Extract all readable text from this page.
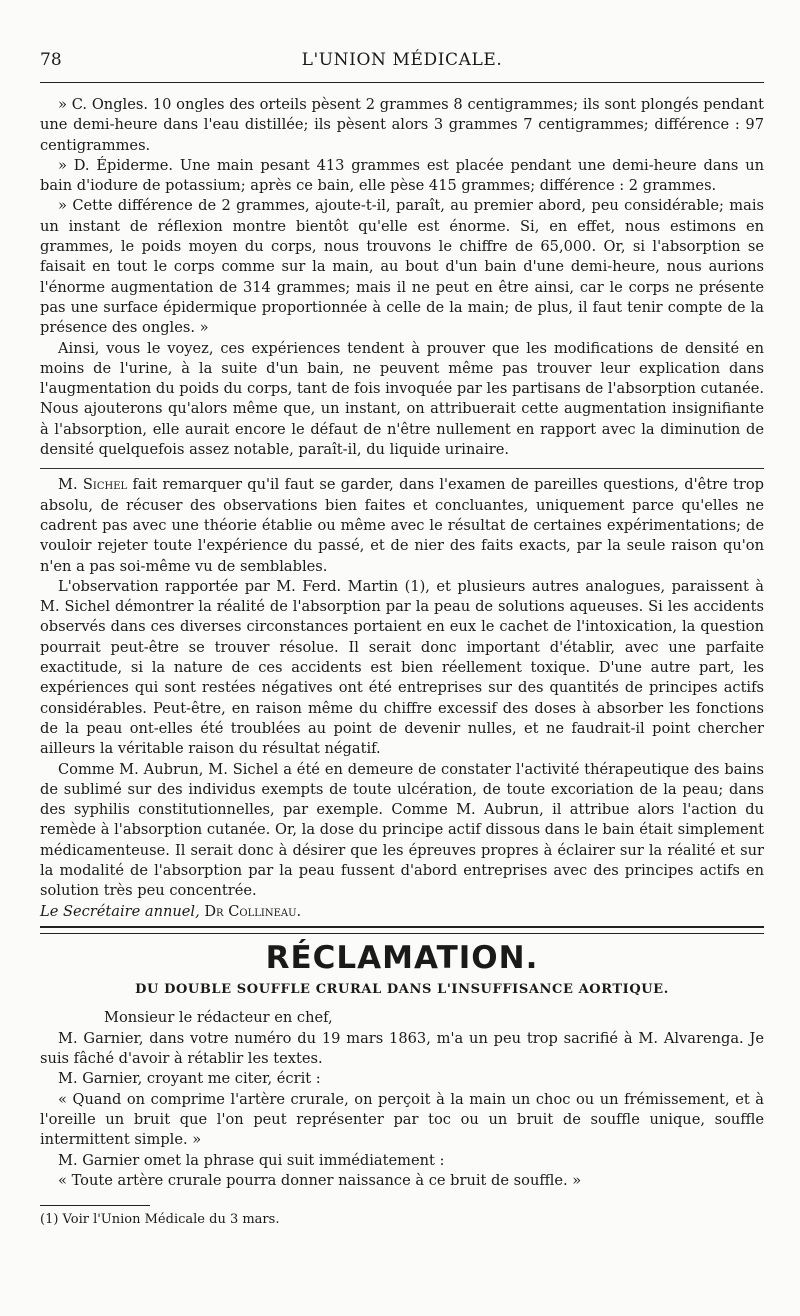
78	L'UNION MÉDICALE.

» C. Ongles. 10 ongles des orteils pèsent 2 grammes 8 centigrammes; ils sont plongés pendant une demi-heure dans l'eau distillée; ils pèsent alors 3 grammes 7 centigrammes; différence : 97 centigrammes.

» D. Épiderme. Une main pesant 413 grammes est placée pendant une demi-heure dans un bain d'iodure de potassium; après ce bain, elle pèse 415 grammes; différence : 2 grammes.

» Cette différence de 2 grammes, ajoute-t-il, paraît, au premier abord, peu considérable; mais un instant de réflexion montre bientôt qu'elle est énorme. Si, en effet, nous estimons en grammes, le poids moyen du corps, nous trouvons le chiffre de 65,000. Or, si l'absorption se faisait en tout le corps comme sur la main, au bout d'un bain d'une demi-heure, nous aurions l'énorme augmentation de 314 grammes; mais il ne peut en être ainsi, car le corps ne présente pas une surface épidermique proportionnée à celle de la main; de plus, il faut tenir compte de la présence des ongles. »

Ainsi, vous le voyez, ces expériences tendent à prouver que les modifications de densité en moins de l'urine, à la suite d'un bain, ne peuvent même pas trouver leur explication dans l'augmentation du poids du corps, tant de fois invoquée par les partisans de l'absorption cutanée. Nous ajouterons qu'alors même que, un instant, on attribuerait cette augmentation insignifiante à l'absorption, elle aurait encore le défaut de n'être nullement en rapport avec la diminution de densité quelquefois assez notable, paraît-il, du liquide urinaire.

M. Sichel fait remarquer qu'il faut se garder, dans l'examen de pareilles questions, d'être trop absolu, de récuser des observations bien faites et concluantes, uniquement parce qu'elles ne cadrent pas avec une théorie établie ou même avec le résultat de certaines expérimentations; de vouloir rejeter toute l'expérience du passé, et de nier des faits exacts, par la seule raison qu'on n'en a pas soi-même vu de semblables.

L'observation rapportée par M. Ferd. Martin (1), et plusieurs autres analogues, paraissent à M. Sichel démontrer la réalité de l'absorption par la peau de solutions aqueuses. Si les accidents observés dans ces diverses circonstances portaient en eux le cachet de l'intoxication, la question pourrait peut-être se trouver résolue. Il serait donc important d'établir, avec une parfaite exactitude, si la nature de ces accidents est bien réellement toxique. D'une autre part, les expériences qui sont restées négatives ont été entreprises sur des quantités de principes actifs considérables. Peut-être, en raison même du chiffre excessif des doses à absorber les fonctions de la peau ont-elles été troublées au point de devenir nulles, et ne faudrait-il point chercher ailleurs la véritable raison du résultat négatif.

Comme M. Aubrun, M. Sichel a été en demeure de constater l'activité thérapeutique des bains de sublimé sur des individus exempts de toute ulcération, de toute excoriation de la peau; dans des syphilis constitutionnelles, par exemple. Comme M. Aubrun, il attribue alors l'action du remède à l'absorption cutanée. Or, la dose du principe actif dissous dans le bain était simplement médicamenteuse. Il serait donc à désirer que les épreuves propres à éclairer sur la réalité et sur la modalité de l'absorption par la peau fussent d'abord entreprises avec des principes actifs en solution très peu concentrée.

Le Secrétaire annuel, Dr Collineau.

RÉCLAMATION.
DU DOUBLE SOUFFLE CRURAL DANS L'INSUFFISANCE AORTIQUE.

Monsieur le rédacteur en chef,

M. Garnier, dans votre numéro du 19 mars 1863, m'a un peu trop sacrifié à M. Alvarenga. Je suis fâché d'avoir à rétablir les textes.

M. Garnier, croyant me citer, écrit :

« Quand on comprime l'artère crurale, on perçoit à la main un choc ou un frémissement, et à l'oreille un bruit que l'on peut représenter par toc ou un bruit de souffle unique, souffle intermittent simple. »

M. Garnier omet la phrase qui suit immédiatement :

« Toute artère crurale pourra donner naissance à ce bruit de souffle. »

(1) Voir l'Union Médicale du 3 mars.
